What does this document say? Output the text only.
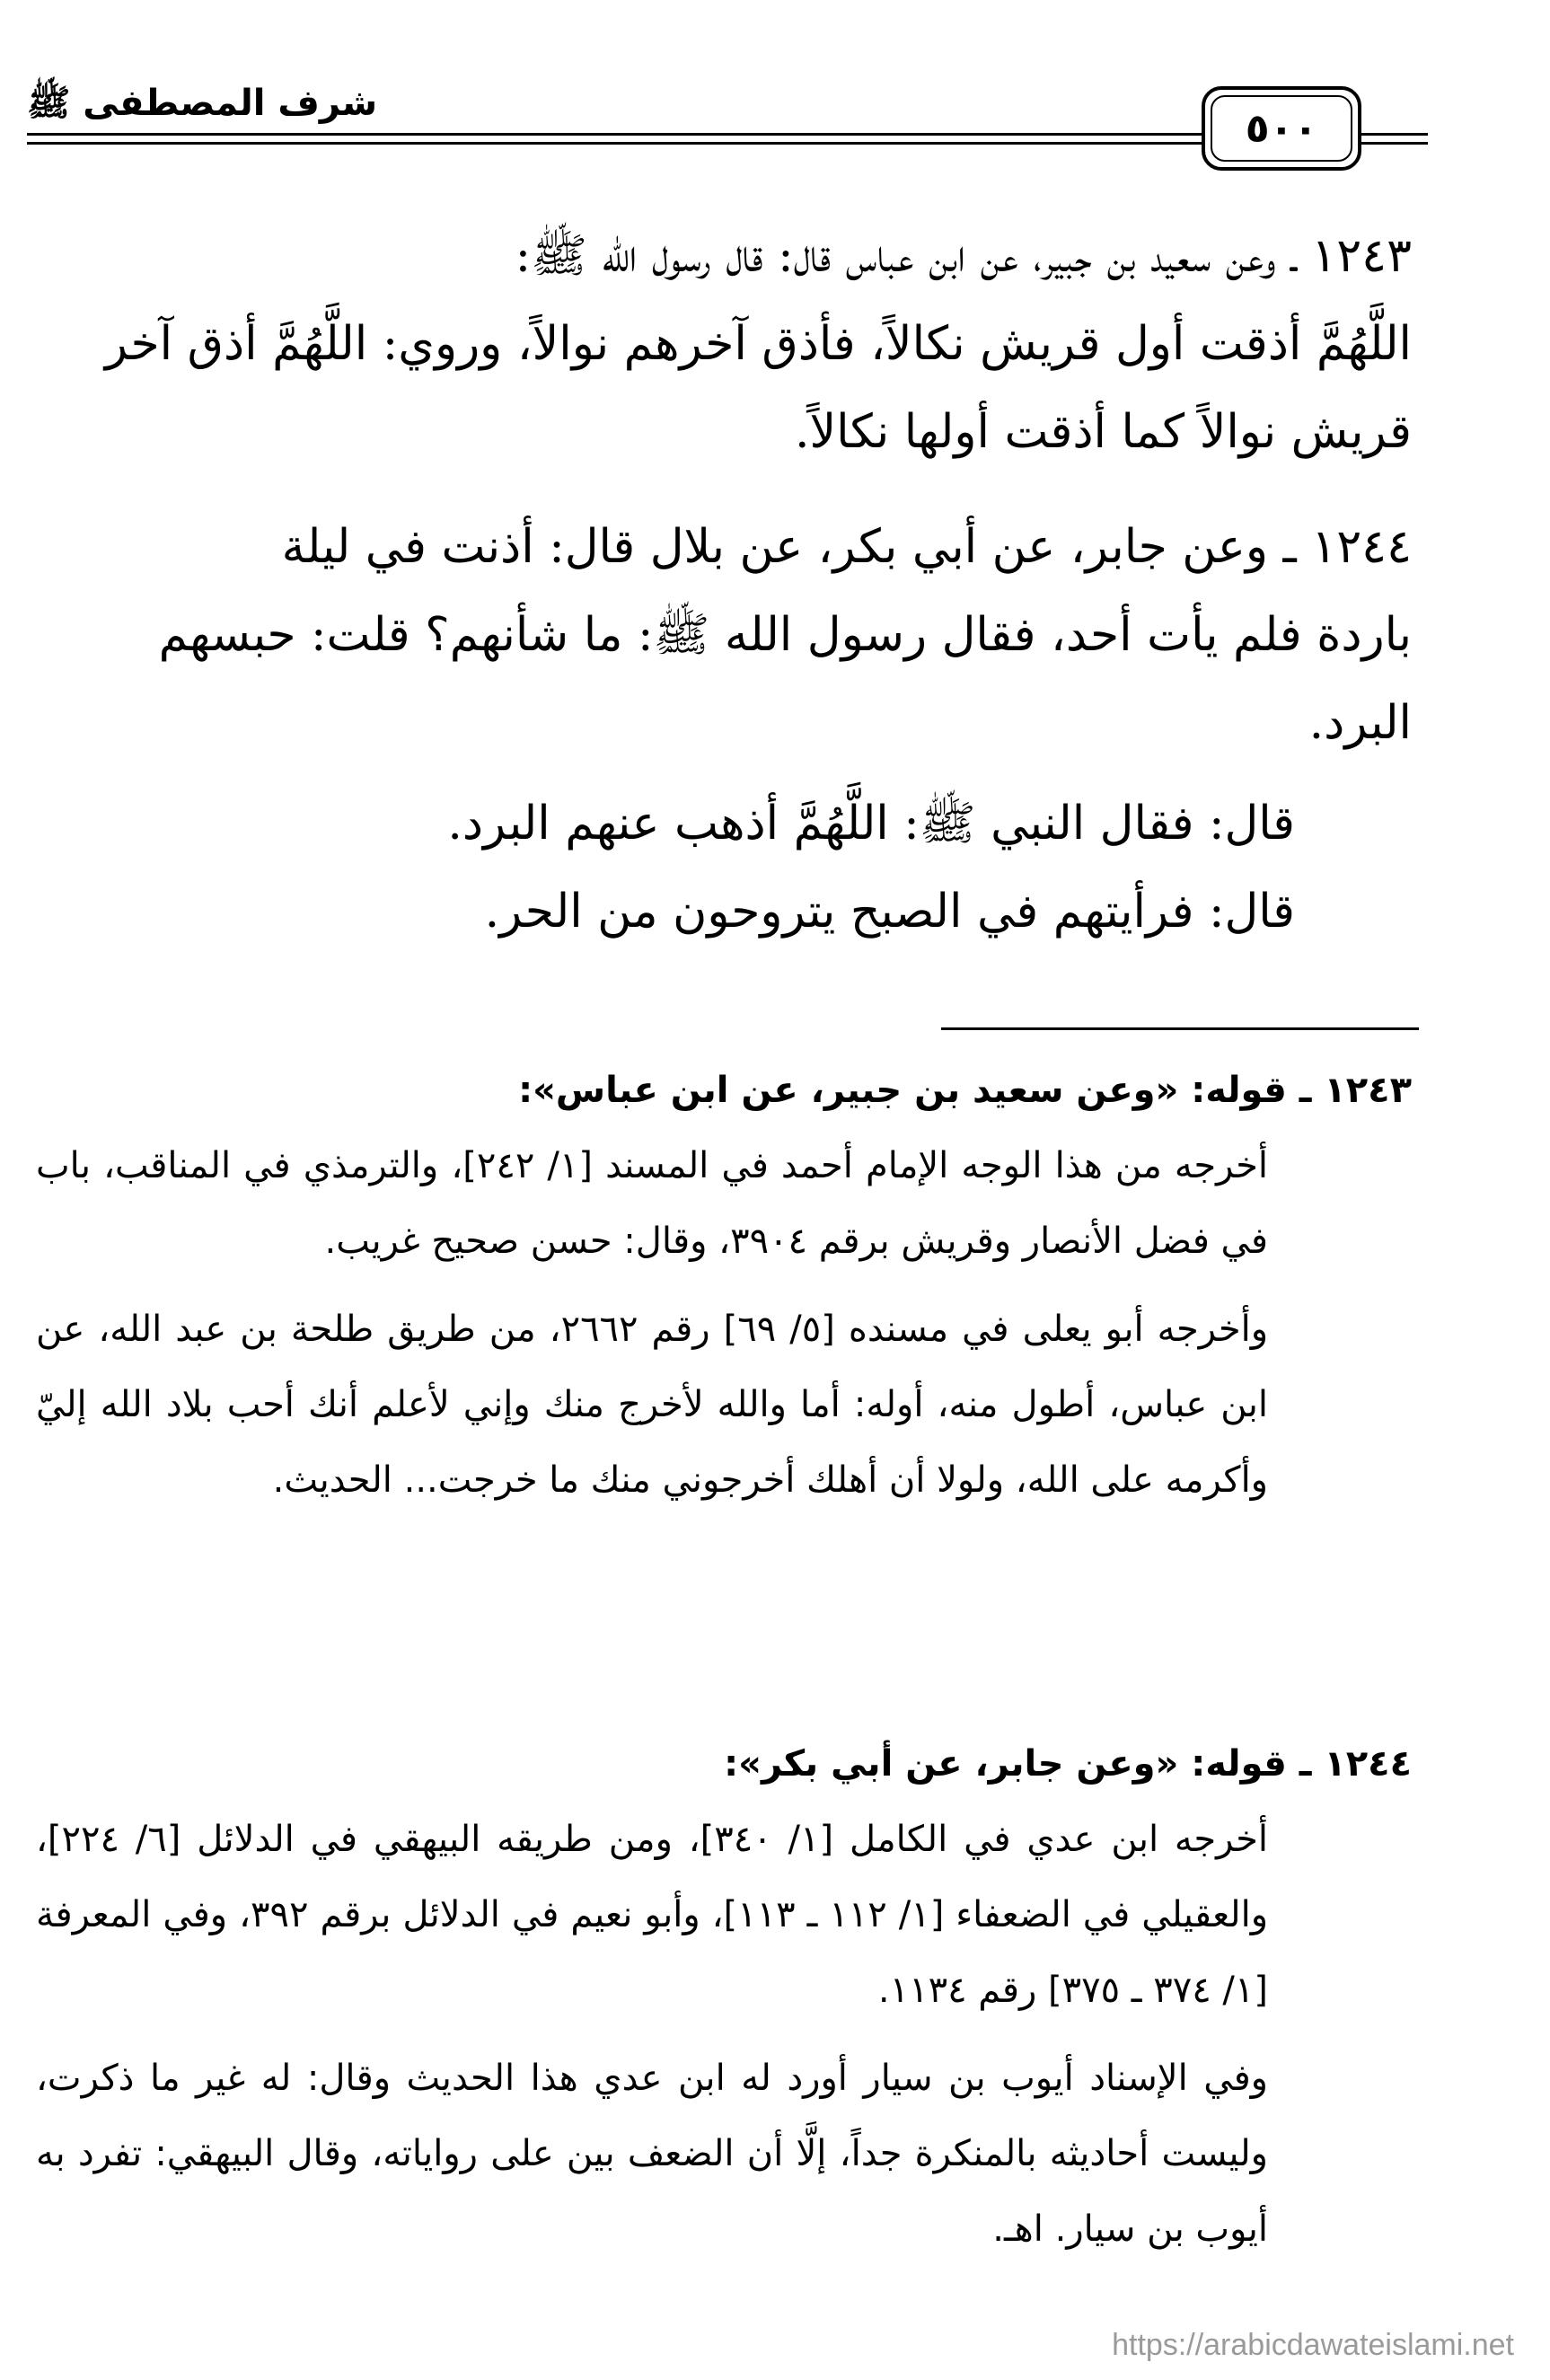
شرف المصطفى ﷺ
٥٠٠

١٢٤٣ ـ وعن سعيد بن جبير، عن ابن عباس قال: قال رسول الله ﷺ:

اللَّهُمَّ أذقت أول قريش نكالاً، فأذق آخرهم نوالاً، وروي: اللَّهُمَّ أذق آخر

قريش نوالاً كما أذقت أولها نكالاً.

١٢٤٤ ـ وعن جابر، عن أبي بكر، عن بلال قال: أذنت في ليلة

باردة فلم يأت أحد، فقال رسول الله ﷺ: ما شأنهم؟ قلت: حبسهم

البرد.

قال: فقال النبي ﷺ: اللَّهُمَّ أذهب عنهم البرد.

قال: فرأيتهم في الصبح يتروحون من الحر.

١٢٤٣ ـ قوله: «وعن سعيد بن جبير، عن ابن عباس»:

أخرجه من هذا الوجه الإمام أحمد في المسند [١/ ٢٤٢]، والترمذي في المناقب، باب في فضل الأنصار وقريش برقم ٣٩٠٤، وقال: حسن صحيح غريب.

وأخرجه أبو يعلى في مسنده [٥/ ٦٩] رقم ٢٦٦٢، من طريق طلحة بن عبد الله، عن ابن عباس، أطول منه، أوله: أما والله لأخرج منك وإني لأعلم أنك أحب بلاد الله إليّ وأكرمه على الله، ولولا أن أهلك أخرجوني منك ما خرجت... الحديث.

١٢٤٤ ـ قوله: «وعن جابر، عن أبي بكر»:

أخرجه ابن عدي في الكامل [١/ ٣٤٠]، ومن طريقه البيهقي في الدلائل [٦/ ٢٢٤]، والعقيلي في الضعفاء [١/ ١١٢ ـ ١١٣]، وأبو نعيم في الدلائل برقم ٣٩٢، وفي المعرفة [١/ ٣٧٤ ـ ٣٧٥] رقم ١١٣٤.

وفي الإسناد أيوب بن سيار أورد له ابن عدي هذا الحديث وقال: له غير ما ذكرت، وليست أحاديثه بالمنكرة جداً، إلَّا أن الضعف بين على رواياته، وقال البيهقي: تفرد به أيوب بن سيار. اهـ.

https://arabicdawateislami.net
